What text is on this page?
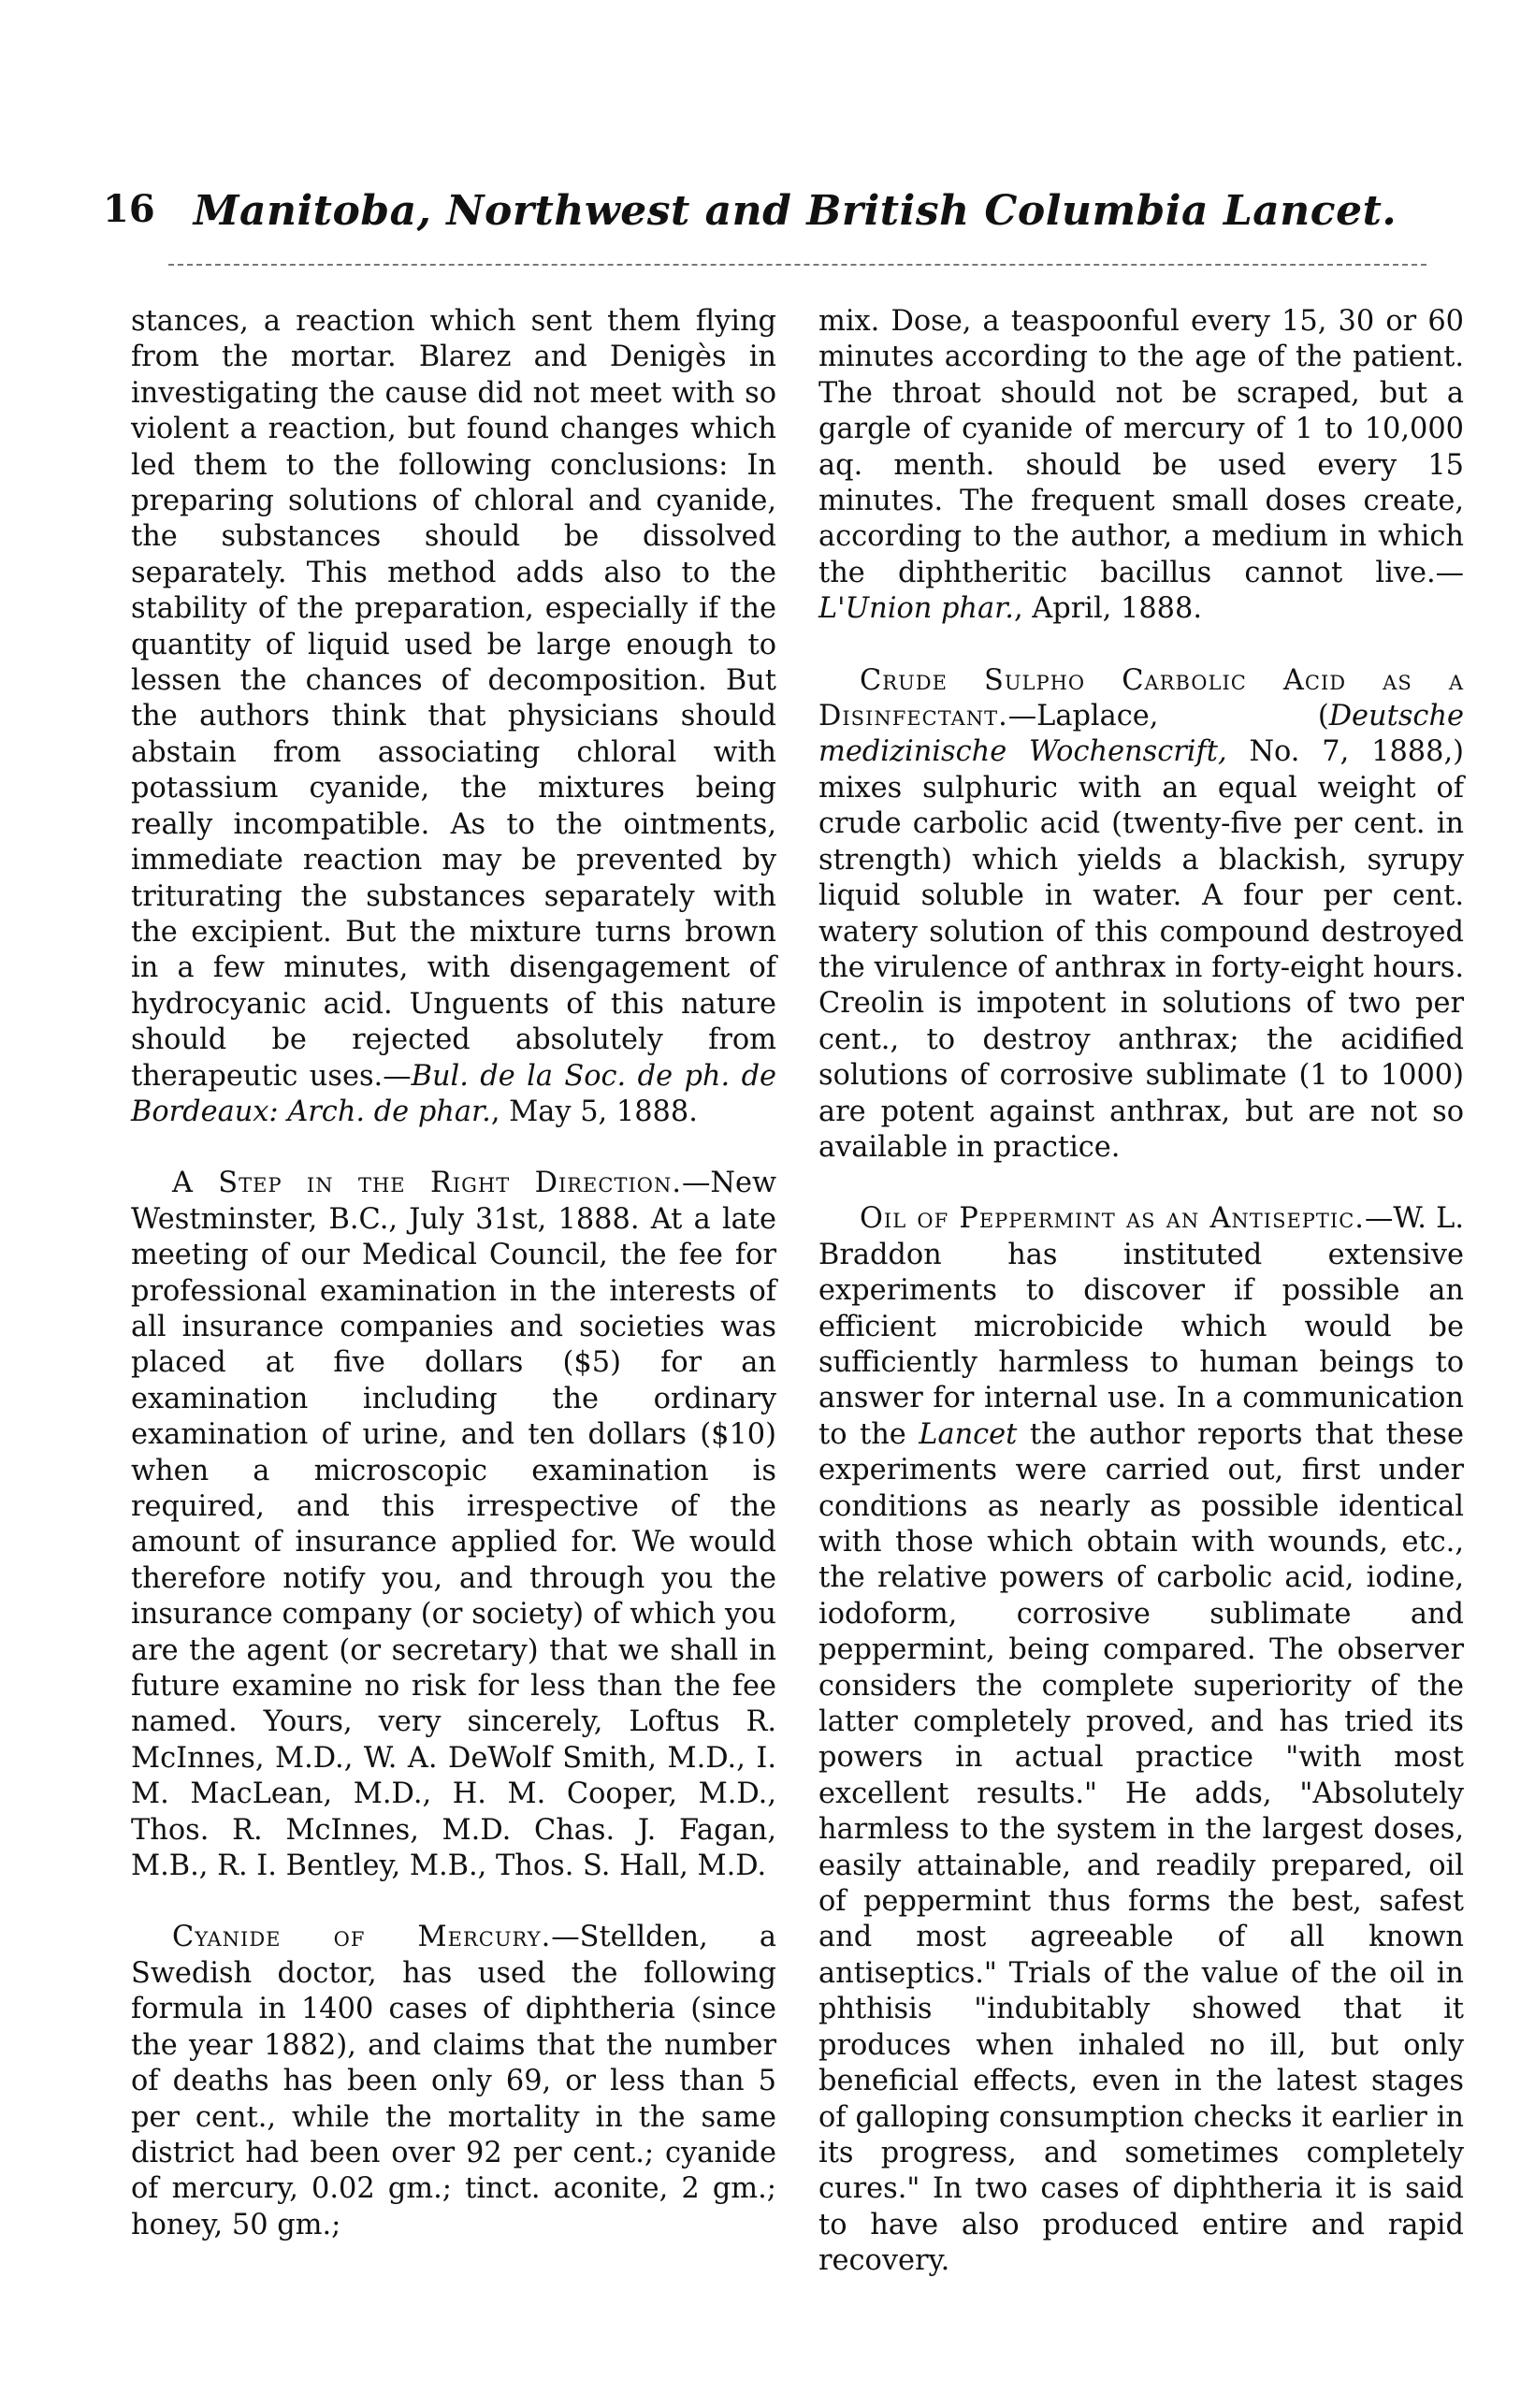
16 Manitoba, Northwest and British Columbia Lancet.

stances, a reaction which sent them flying from the mortar. Blarez and Denigès in investigating the cause did not meet with so violent a reaction, but found changes which led them to the following conclusions: In preparing solutions of chloral and cyanide, the substances should be dissolved separately. This method adds also to the stability of the preparation, especially if the quantity of liquid used be large enough to lessen the chances of decomposition. But the authors think that physicians should abstain from associating chloral with potassium cyanide, the mixtures being really incompatible. As to the ointments, immediate reaction may be prevented by triturating the substances separately with the excipient. But the mixture turns brown in a few minutes, with disengagement of hydrocyanic acid. Unguents of this nature should be rejected absolutely from therapeutic uses.—Bul. de la Soc. de ph. de Bordeaux: Arch. de phar., May 5, 1888.

A Step in the Right Direction.—New Westminster, B.C., July 31st, 1888. At a late meeting of our Medical Council, the fee for professional examination in the interests of all insurance companies and societies was placed at five dollars ($5) for an examination including the ordinary examination of urine, and ten dollars ($10) when a microscopic examination is required, and this irrespective of the amount of insurance applied for. We would therefore notify you, and through you the insurance company (or society) of which you are the agent (or secretary) that we shall in future examine no risk for less than the fee named. Yours, very sincerely, Loftus R. McInnes, M.D., W. A. DeWolf Smith, M.D., I. M. MacLean, M.D., H. M. Cooper, M.D., Thos. R. McInnes, M.D. Chas. J. Fagan, M.B., R. I. Bentley, M.B., Thos. S. Hall, M.D.

Cyanide of Mercury.—Stellden, a Swedish doctor, has used the following formula in 1400 cases of diphtheria (since the year 1882), and claims that the number of deaths has been only 69, or less than 5 per cent., while the mortality in the same district had been over 92 per cent.; cyanide of mercury, 0.02 gm.; tinct. aconite, 2 gm.; honey, 50 gm.;

mix. Dose, a teaspoonful every 15, 30 or 60 minutes according to the age of the patient. The throat should not be scraped, but a gargle of cyanide of mercury of 1 to 10,000 aq. menth. should be used every 15 minutes. The frequent small doses create, according to the author, a medium in which the diphtheritic bacillus cannot live.—L'Union phar., April, 1888.

Crude Sulpho Carbolic Acid as a Disinfectant.—Laplace, (Deutsche medizinische Wochenscrift, No. 7, 1888,) mixes sulphuric with an equal weight of crude carbolic acid (twenty-five per cent. in strength) which yields a blackish, syrupy liquid soluble in water. A four per cent. watery solution of this compound destroyed the virulence of anthrax in forty-eight hours. Creolin is impotent in solutions of two per cent., to destroy anthrax; the acidified solutions of corrosive sublimate (1 to 1000) are potent against anthrax, but are not so available in practice.

Oil of Peppermint as an Antiseptic.—W. L. Braddon has instituted extensive experiments to discover if possible an efficient microbicide which would be sufficiently harmless to human beings to answer for internal use. In a communication to the Lancet the author reports that these experiments were carried out, first under conditions as nearly as possible identical with those which obtain with wounds, etc., the relative powers of carbolic acid, iodine, iodoform, corrosive sublimate and peppermint, being compared. The observer considers the complete superiority of the latter completely proved, and has tried its powers in actual practice "with most excellent results." He adds, "Absolutely harmless to the system in the largest doses, easily attainable, and readily prepared, oil of peppermint thus forms the best, safest and most agreeable of all known antiseptics." Trials of the value of the oil in phthisis "indubitably showed that it produces when inhaled no ill, but only beneficial effects, even in the latest stages of galloping consumption checks it earlier in its progress, and sometimes completely cures." In two cases of diphtheria it is said to have also produced entire and rapid recovery.
